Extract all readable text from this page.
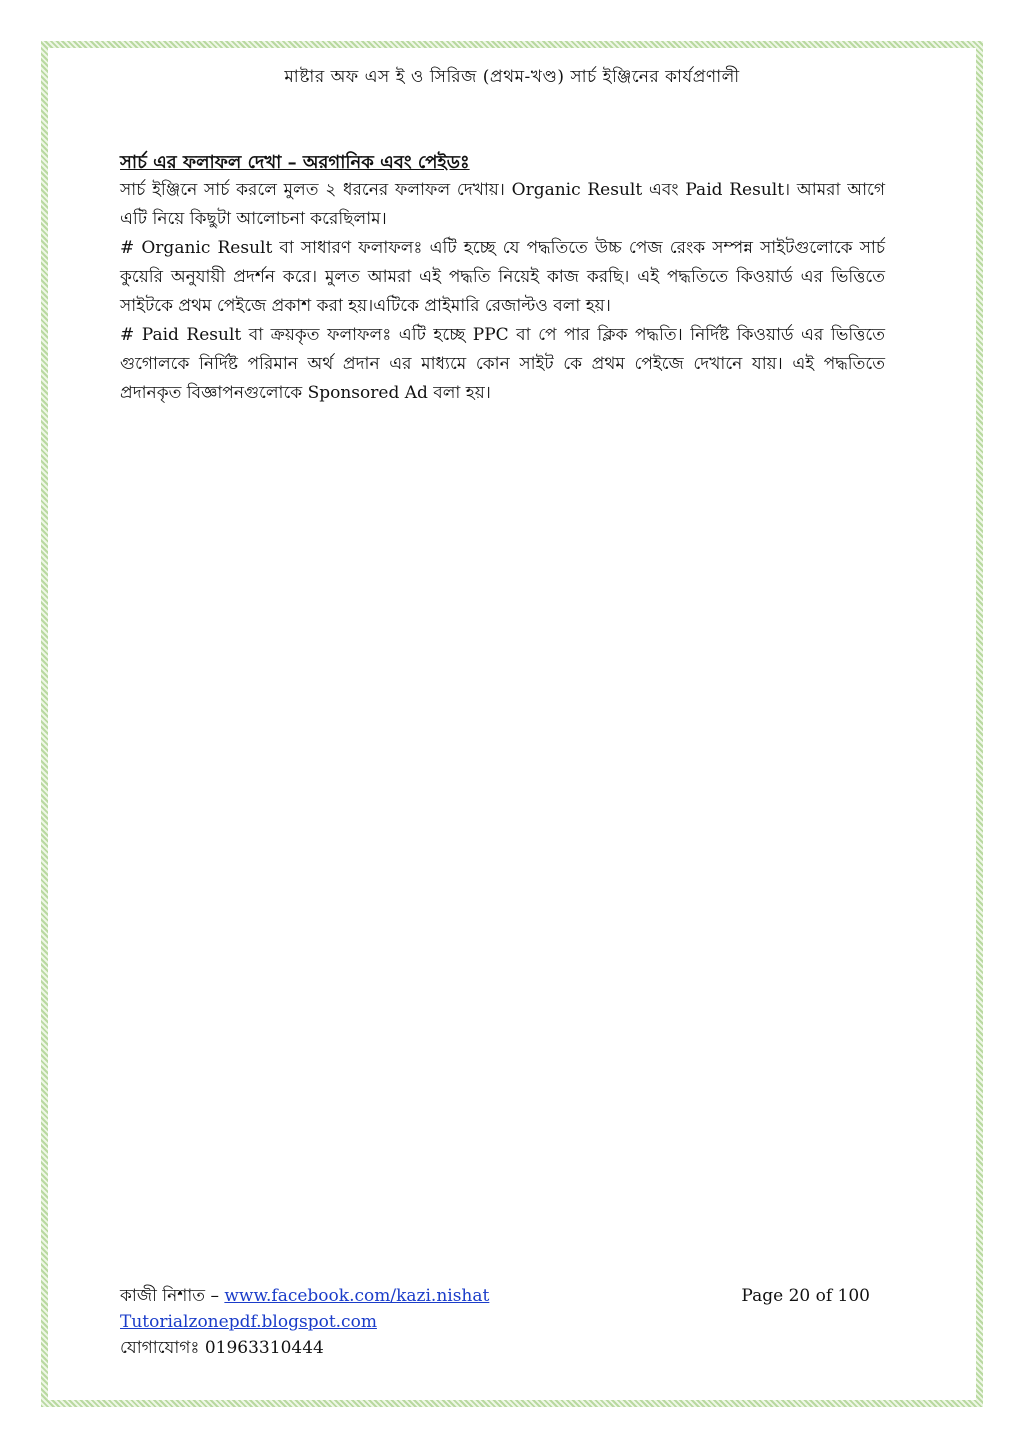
মাষ্টার অফ এস ই ও সিরিজ (প্রথম-খণ্ড) সার্চ ইঞ্জিনের কার্যপ্রণালী

সার্চ এর ফলাফল দেখা – অরগানিক এবং পেইডঃ

সার্চ ইঞ্জিনে সার্চ করলে মুলত ২ ধরনের ফলাফল দেখায়। Organic Result এবং Paid Result। আমরা আগে এটি নিয়ে কিছুটা আলোচনা করেছিলাম।

# Organic Result বা সাধারণ ফলাফলঃ এটি হচ্ছে যে পদ্ধতিতে উচ্চ পেজ রেংক সম্পন্ন সাইটগুলোকে সার্চ কুয়েরি অনুযায়ী প্রদর্শন করে। মুলত আমরা এই পদ্ধতি নিয়েই কাজ করছি। এই পদ্ধতিতে কিওয়ার্ড এর ভিত্তিতে সাইটকে প্রথম পেইজে প্রকাশ করা হয়।এটিকে প্রাইমারি রেজাল্টও বলা হয়।

# Paid Result বা ক্রয়কৃত ফলাফলঃ এটি হচ্ছে PPC বা পে পার ক্লিক পদ্ধতি। নির্দিষ্ট কিওয়ার্ড এর ভিত্তিতে গুগোলকে নির্দিষ্ট পরিমান অর্থ প্রদান এর মাধ্যমে কোন সাইট কে প্রথম পেইজে দেখানে যায়। এই পদ্ধতিতে প্রদানকৃত বিজ্ঞাপনগুলোকে Sponsored Ad বলা হয়।

কাজী নিশাত – www.facebook.com/kazi.nishat	Page 20 of 100
Tutorialzonepdf.blogspot.com
যোগাযোগঃ 01963310444
